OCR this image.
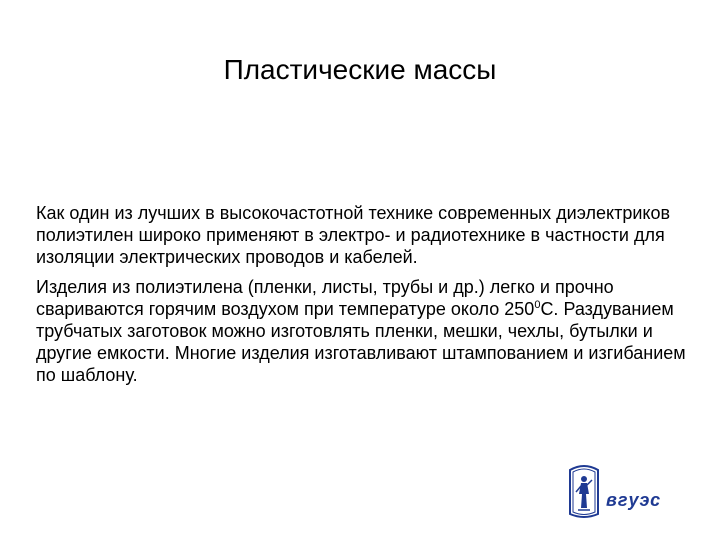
Пластические массы

Как один из лучших в высокочастотной технике современных диэлектриков полиэтилен широко применяют в электро- и радиотехнике в частности для изоляции электрических проводов и кабелей.

Изделия из полиэтилена (пленки, листы, трубы и др.) легко и прочно свариваются горячим воздухом при температуре около $250^0С$. Раздуванием трубчатых заготовок можно изготовлять пленки, мешки, чехлы, бутылки и другие емкости. Многие изделия изготавливают штампованием и изгибанием по шаблону.

вгуэс
